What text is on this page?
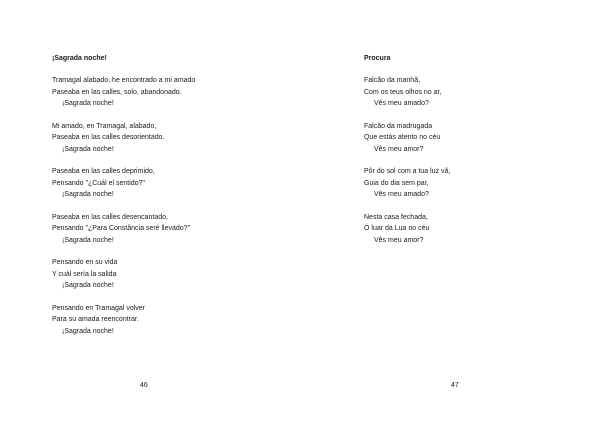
¡Sagrada noche!
Tramagal alabado, he encontrado a mi amado
Paseaba en las calles, solo, abandonado.
¡Sagrada noche!
Mi amado, en Tramagal, alabado,
Paseaba en las calles desorientado.
¡Sagrada noche!
Paseaba en las calles deprimido,
Pensando "¿Cuál el sentido?"
¡Sagrada noche!
Paseaba en las calles desencantado,
Pensando "¿Para Constância seré llevado?"
¡Sagrada noche!
Pensando en su vida
Y cuál sería la salida
¡Sagrada noche!
Pensando en Tramagal volver
Para su amada reencontrar.
¡Sagrada noche!
46
Procura
Falcão da manhã,
Com os teus olhos no ar,
Vês meu amado?
Falcão da madrugada
Que estás atento no céu
Vês meu amor?
Pôr do sol com a tua luz vã,
Guia do dia sem par,
Vês meu amado?
Nesta casa fechada,
Ó luar da Lua no céu
Vês meu amor?
47
